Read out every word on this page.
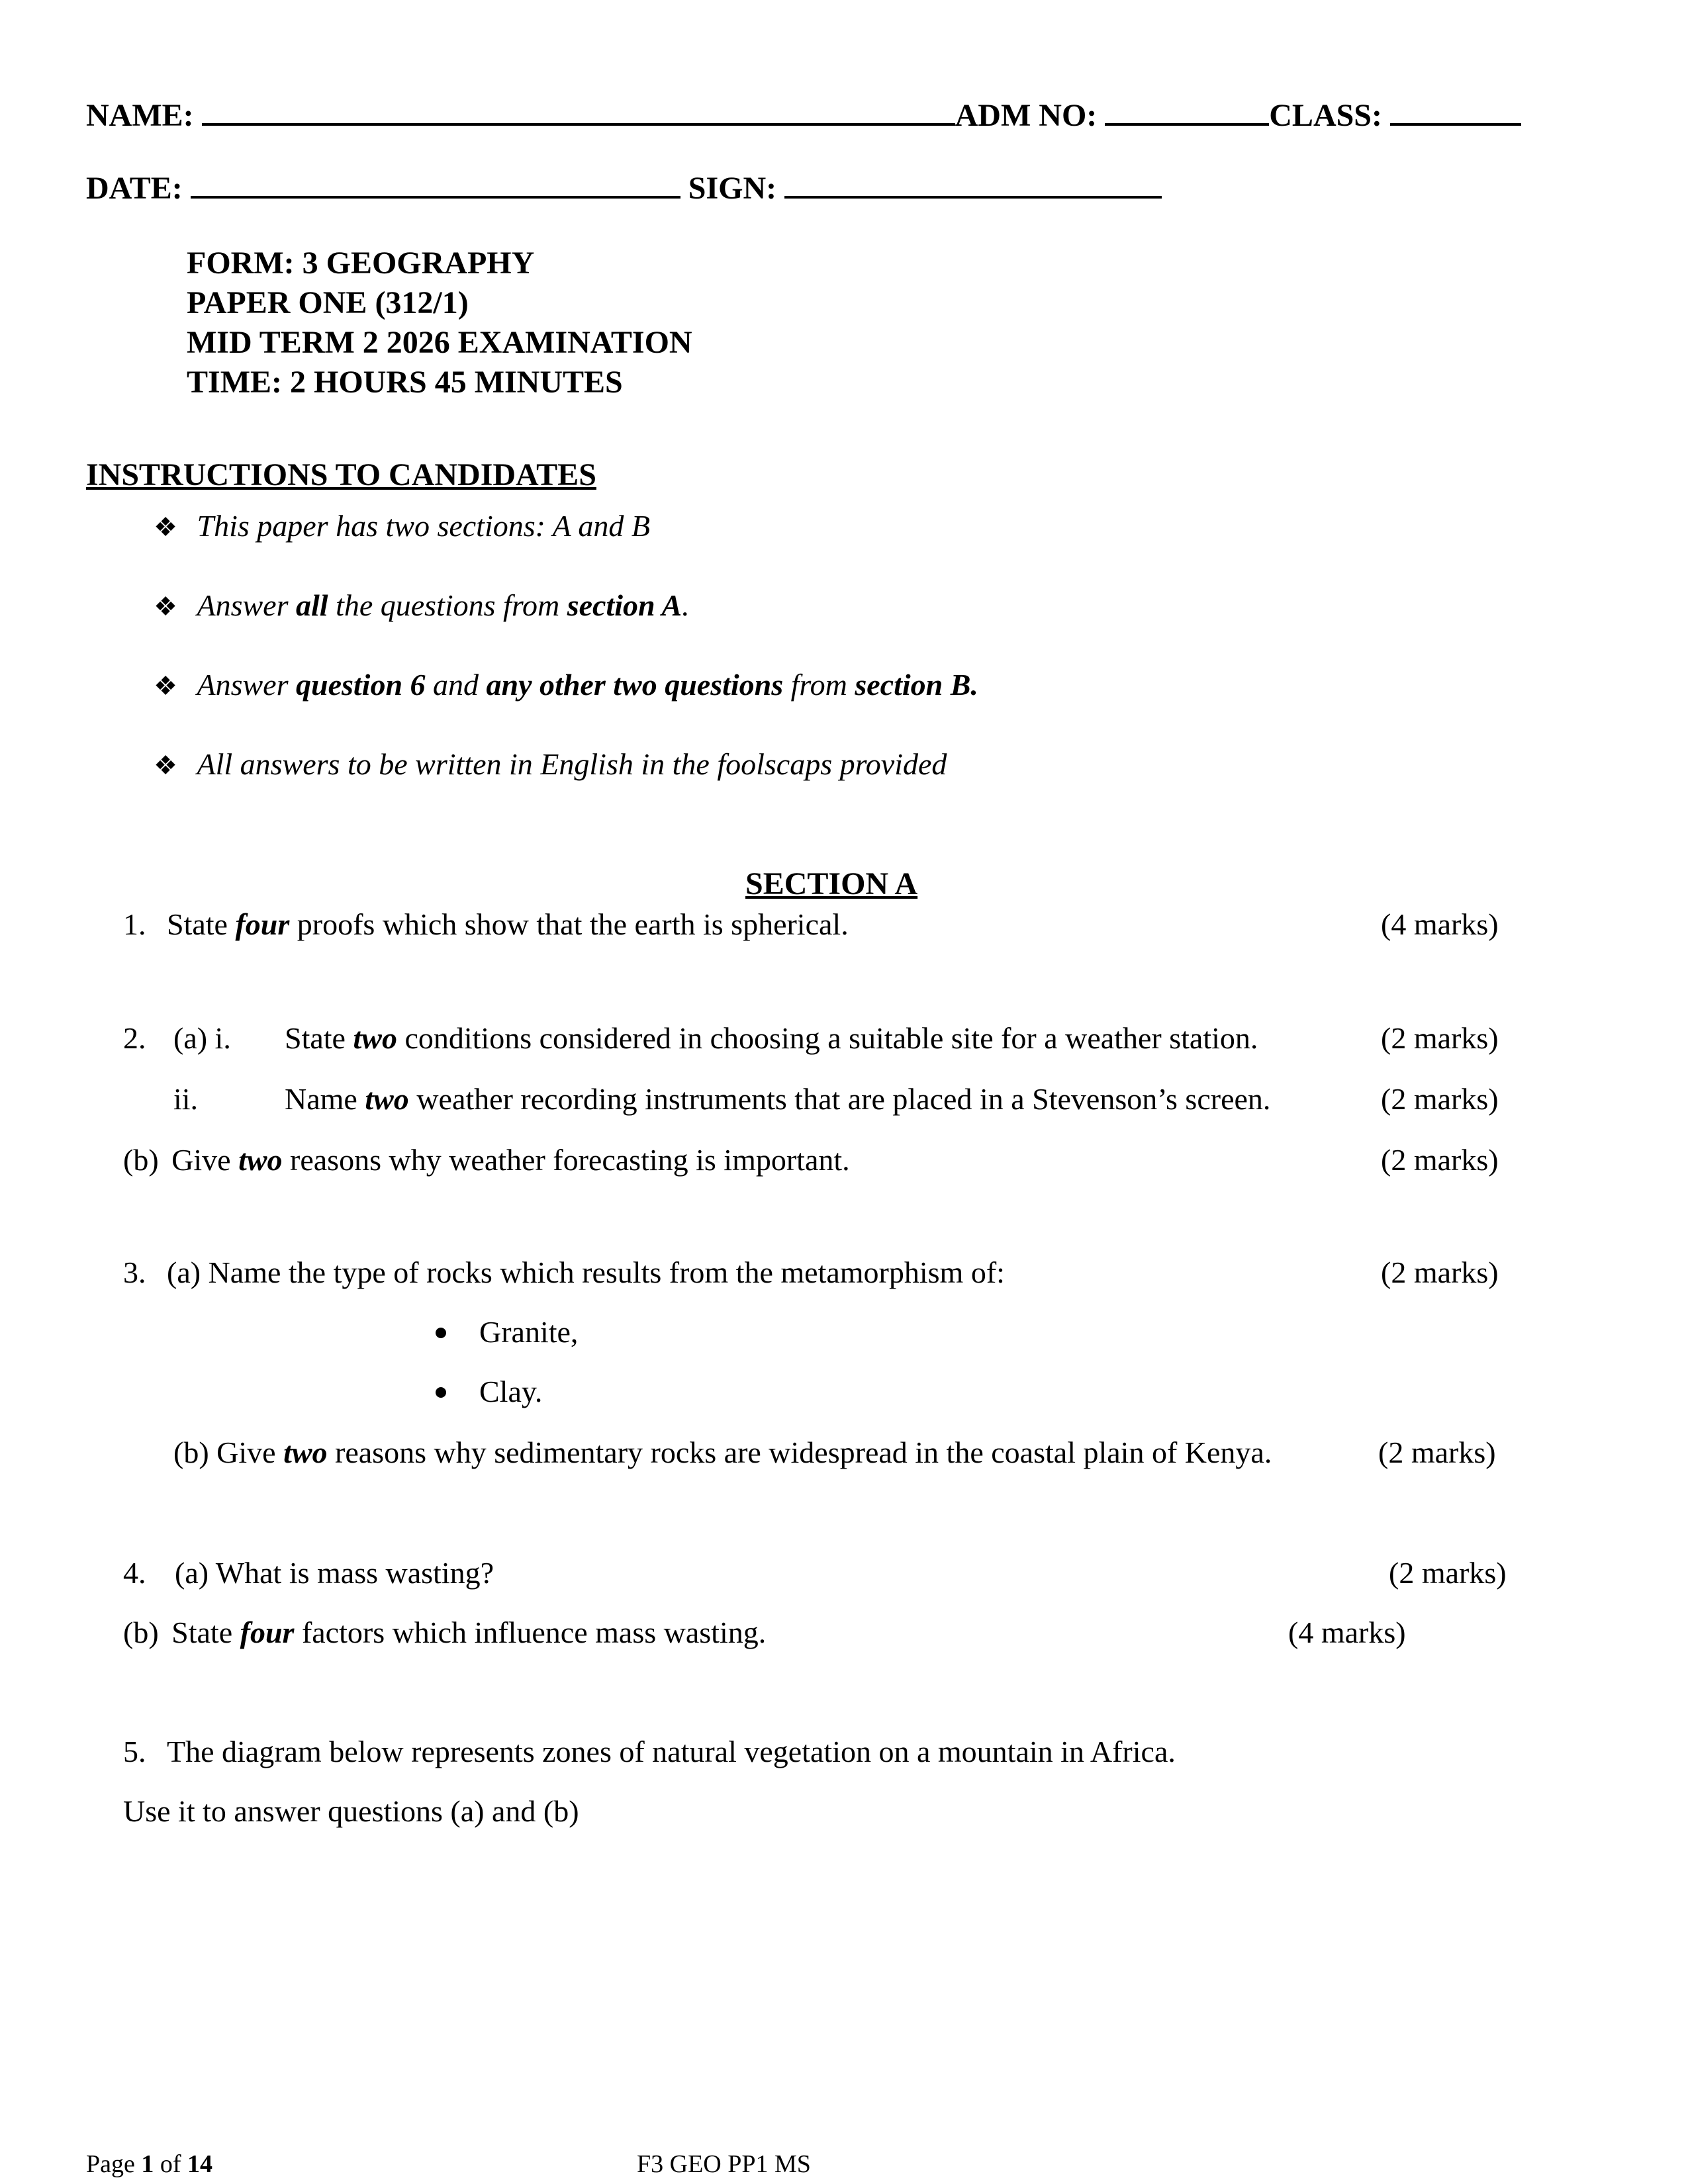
NAME:	ADM NO:	CLASS:
DATE:	SIGN:
FORM: 3 GEOGRAPHY
PAPER ONE (312/1)
MID TERM 2 2026 EXAMINATION
TIME: 2 HOURS 45 MINUTES
INSTRUCTIONS TO CANDIDATES
❖ This paper has two sections: A and B
❖ Answer all the questions from section A.
❖ Answer question 6 and any other two questions from section B.
❖ All answers to be written in English in the foolscaps provided
SECTION A
1. State four proofs which show that the earth is spherical.	(4 marks)
2. (a) i. State two conditions considered in choosing a suitable site for a weather station.	(2 marks)
ii.	Name two weather recording instruments that are placed in a Stevenson’s screen.	(2 marks)
(b) Give two reasons why weather forecasting is important.	(2 marks)
3. (a) Name the type of rocks which results from the metamorphism of:	(2 marks)
Granite,
Clay.
(b) Give two reasons why sedimentary rocks are widespread in the coastal plain of Kenya.	(2 marks)
4. (a) What is mass wasting?	(2 marks)
(b) State four factors which influence mass wasting.	(4 marks)
5. The diagram below represents zones of natural vegetation on a mountain in Africa.
Use it to answer questions (a) and (b)
Page 1 of 14	F3 GEO PP1 MS
